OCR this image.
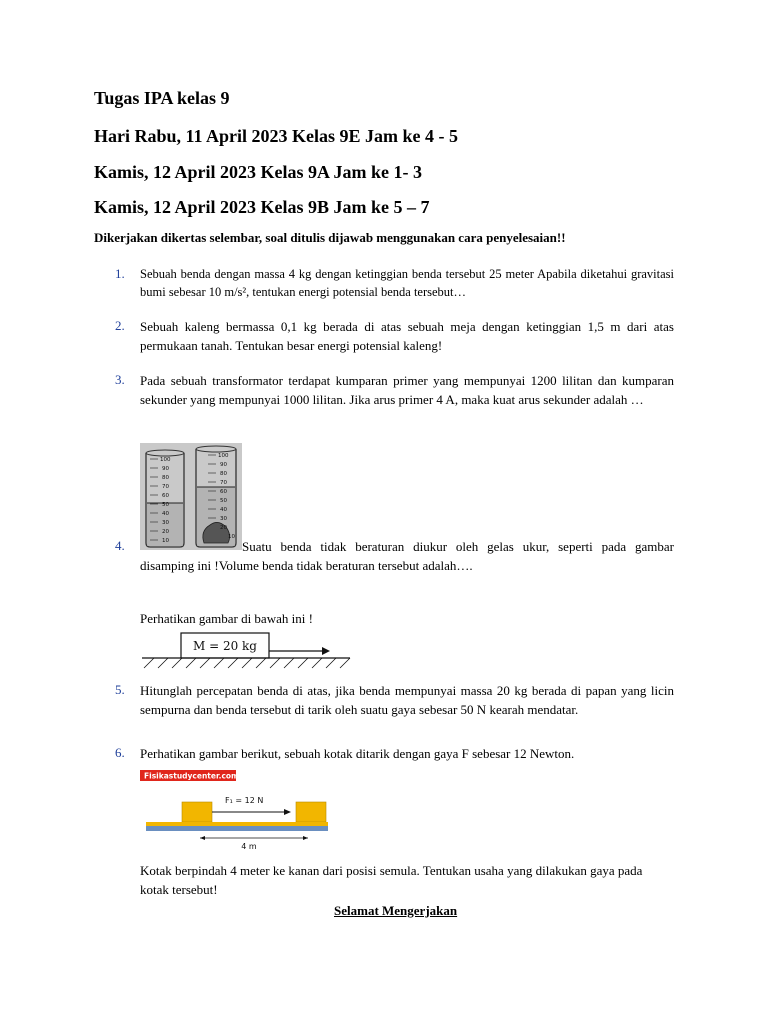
Tugas IPA kelas 9
Hari Rabu, 11 April 2023 Kelas 9E Jam ke 4 - 5
Kamis, 12 April 2023 Kelas 9A Jam ke 1- 3
Kamis, 12 April 2023 Kelas 9B Jam ke 5 – 7
Dikerjakan dikertas selembar, soal ditulis dijawab menggunakan cara penyelesaian!!
1. Sebuah benda dengan massa 4 kg dengan ketinggian benda tersebut 25 meter Apabila diketahui gravitasi bumi sebesar 10 m/s², tentukan energi potensial benda tersebut…
2. Sebuah kaleng bermassa 0,1 kg berada di atas sebuah meja dengan ketinggian 1,5 m dari atas permukaan tanah. Tentukan besar energi potensial kaleng!
3. Pada sebuah transformator terdapat kumparan primer yang mempunyai 1200 lilitan dan kumparan sekunder yang mempunyai 1000 lilitan. Jika arus primer 4 A, maka kuat arus sekunder adalah …
100
90
80
70
60
50
40
30
20
10
100
90
80
70
60
50
40
30
20
10
4.	Suatu benda tidak beraturan diukur oleh gelas ukur, seperti pada gambar disamping ini !Volume benda tidak beraturan tersebut adalah….
Perhatikan gambar di bawah ini !
M = 20 kg
5. Hitunglah percepatan benda di atas, jika benda mempunyai massa 20 kg berada di papan yang licin sempurna dan benda tersebut di tarik oleh suatu gaya sebesar 50 N kearah mendatar.
6. Perhatikan gambar berikut, sebuah kotak ditarik dengan gaya F sebesar 12 Newton.
Fisikastudycenter.com
F₁ = 12 N
4 m
Kotak berpindah 4 meter ke kanan dari posisi semula. Tentukan usaha yang dilakukan gaya pada kotak tersebut!
Selamat Mengerjakan
